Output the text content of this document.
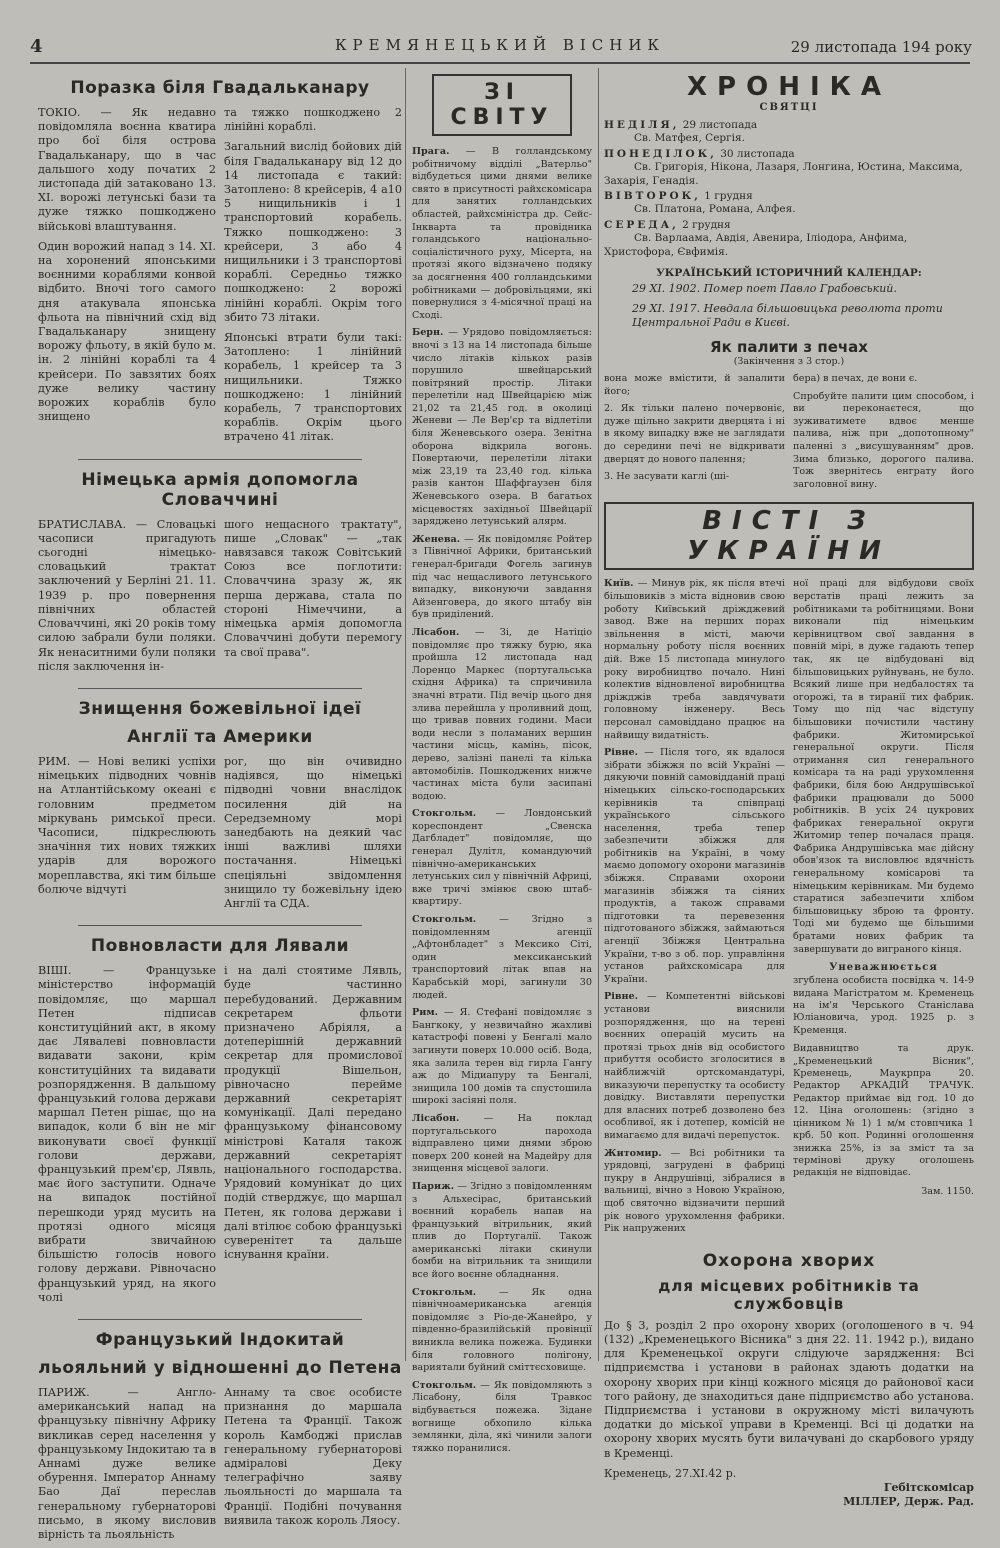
4	КРЕМЯНЕЦЬКИЙ ВІСНИК	29 листопада 194 року
Поразка біля Гвадальканару

ТОКІО. — Як недавно повідомляла воєнна кватира про бої біля острова Гвадальканару, що в час дальшого ходу початих 2 листопада дій затаковано 13. XI. ворожі летунські бази та дуже тяжко пошкоджено військові влаштування.

Один ворожий напад з 14. XI. на хоронений японськими воєнними кораблями конвой відбито. Вночі того самого дня атакувала японська фльота на північний схід від Гвадальканару знищену ворожу фльоту, в якій було м. ін. 2 лінійні кораблі та 4 крейсери. По завзятих боях дуже велику частину ворожих кораблів було знищено

та тяжко пошкоджено 2 лінійні кораблі.

Загальний вислід бойових дій біля Гвадальканару від 12 до 14 листопада є такий: Затоплено: 8 крейсерів, 4 а10 5 нищильників і 1 транспортовий корабель. Тяжко пошкоджено: 3 крейсери, 3 або 4 нищильники і 3 транспортові кораблі. Середньо тяжко пошкоджено: 2 ворожі лінійні кораблі. Окрім того збито 73 літаки.

Японські втрати були такі: Затоплено: 1 лінійний корабель, 1 крейсер та 3 нищильники. Тяжко пошкоджено: 1 лінійний корабель, 7 транспортових кораблів. Окрім цього втрачено 41 літак.

Німецька армія допомогла Словаччині

БРАТИСЛАВА. — Словацькі часописи пригадують сьогодні німецько-словацький трактат заключений у Берліні 21. 11. 1939 р. про повернення північних областей Словаччині, які 20 років тому силою забрали були поляки. Як ненаситними були поляки після заключення ін-

шого нещасного трактату", пише „Словак" — „так навязався також Совітський Союз все поглотити: Словаччина зразу ж, як перша держава, стала по стороні Німеччини, а німецька армія допомогла Словаччині добути перемогу та свої права".

Знищення божевільної ідеї
Англії та Америки

РИМ. — Нові великі успіхи німецьких підводних човнів на Атлантійському океані є головним предметом міркувань римської преси. Часописи, підкреслюють значіння тих нових тяжких ударів для ворожого мореплавства, які тим більше болюче відчуті

рог, що він очивидно надіявся, що німецькі підводні човни внаслідок посилення дій на Середземному морі занедбають на деякий час інші важливі шляхи постачання. Німецькі спеціяльні звідомлення знищило ту божевільну ідею Англії та СДА.

Повновласти для Лявали

ВІШІ. — Французьке міністерство інформацій повідомляє, що маршал Петен підписав конституційний акт, в якому дає Лявалеві повновласти видавати закони, крім конституційних та видавати розпорядження. В дальшому французький голова держави маршал Петен рішає, що на випадок, коли б він не міг виконувати своєї функції голови держави, французький прем'єр, Лявль, має його заступити. Одначе на випадок постійної перешкоди уряд мусить на протязі одного місяця вибрати звичайною більшістю голосів нового голову держави. Рівночасно французький уряд, на якого чолі

і на далі стоятиме Лявль, буде частинно перебудований. Державним секретарем фльоти призначено Абріяля, а дотеперішній державний секретар для промислової продукції Вішельон, рівночасно перейме державний секретаріят комунікації. Далі передано французькому фінансовому міністрові Каталя також державний секретаріят національного господарства. Урядовий комунікат до цих подій стверджує, що маршал Петен, як голова держави і далі втілює собою французькі суверенітет та дальше існування країни.

Французький Індокитай
льояльний у відношенні до Петена

ПАРИЖ. — Англо-американський напад на французьку північну Африку викликав серед населення у французькому Індокитаю та в Аннамі дуже велике обурення. Імператор Аннаму Бао Даї переслав генеральному губернаторові письмо, в якому висловив вірність та льояльність

Аннаму та своє особисте признання до маршала Петена та Франції. Також король Камбоджі прислав генеральному губернаторові адміралові Деку телеграфічно заяву льояльності до маршала та Франції. Подібні почування виявила також король Ляосу.

ЗІ СВІТУ

Прага. — В голландському робітничому відділі „Ватерльо" відбудеться цими днями велике свято в присутності райхскомісара для занятих голландських областей, райхсміністра др. Сейс-Інкварта та провідника голандського національно-соціалістичного руху, Місерта, на протязі якого відзначено подяку за досягнення 400 голландськими робітниками — добровільцями, які повернулися з 4-місячної праці на Сході.

Берн. — Урядово повідомляється: вночі з 13 на 14 листопада більше число літаків кількох разів порушило швейцарський повітряний простір. Літаки перелетіли над Швейцарією між 21,02 та 21,45 год. в околиці Женеви — Ле Вер'єр та відлетіли біля Женевського озера. Зенітна оборона відкрила вогонь. Повертаючи, перелетіли літаки між 23,19 та 23,40 год. кілька разів кантон Шаффгаузен біля Женевського озера. В багатьох місцевостях західньої Швейцарії зарядженo летунський алярм.

Женева. — Як повідомляє Ройтер з Північної Африки, британський генерал-бригади Фогель загинув під час нещасливого летунського випадку, виконуючи завдання Айзенговера, до якого штабу він був приділений.

Лісабон. — Зі, де Натіціо повідомляє про тяжку бурю, яка пройшла 12 листопада над Лоренцо Маркес (португальська східня Африка) та спричинила значні втрати. Під вечір цього дня злива перейшла у проливний дощ, що тривав повних години. Маси води несли з поламаних вершин частини місць, камінь, пісок, дерево, залізні панелі та кілька автомобілів. Пошкоджених нижче частинах міста були засипані водою.

Стокгольм. — Лондонський кореспондент „Свенска Дагбладет" повідомляє, що генерал Дулітл, командуючий північно-американських летунських сил у північній Африці, вже тричі змінює свою штаб-квартиру.

Стокгольм. — Згідно з повідомленням агенції „Афтонбладет" з Мексико Сіті, один мексиканський транспортовий літак впав на Карабській морі, загинули 30 людей.

Рим. — Я. Стефані повідомляє з Бангкоку, у незвичайно жахливі катастрофі повені у Бенгалі мало загинути поверх 10.000 осіб. Вода, яка залила терен від гирла Гангу аж до Мідиапуру та Бенгалі, знищила 100 домів та спустошила широкі засіяні поля.

Лісабон.	— На поклад португальського парохода відправлено цими днями зброю поверх 200 коней на Мадейру для знищення місцевої залоги.

Париж. — Згідно з повідомленням з Альхесірас, британський воєнний корабель напав на французький вітрильник, який плив до Португалії. Також американські літаки скинули бомби на вітрильник та знищили все його воєнне обладнання.

Стокгольм. — Як одна північноамериканська агенція повідомляє з Ріо-де-Жанейро, у південно-бразилійській провінції виникла велика пожежа. Будинки біля головного полігону, вариятали буйний сміттєсховище.

Стокгольм. — Як повідомляють з Лісабону, біля Травкос відбувається пожежа. Зідане вогнище обхопило кілька землянки, діла, які чинили залоги тяжко поранилися.

ХРОНІКА
СВЯТЦІ
НЕДІЛЯ, 29 листопада
Св. Матфея, Сергія.
ПОНЕДІЛОК, 30 листопада
Св. Григорія, Нікона, Лазаря, Лонгина, Юстина, Максима, Захарія, Генадія.
ВІВТОРОК, 1 грудня
Св. Платона, Романа, Алфея.
СЕРЕДА, 2 грудня
Св. Варлаама, Авдія, Авенира, Іліодора, Анфима, Христофора, Євфимія.
УКРАЇНСЬКИЙ ІСТОРИЧНИЙ КАЛЕНДАР:
29 XI. 1902. Помер поет Павло Грабовський.
29 XI. 1917. Невдала більшовицька революта проти Центральної Ради в Києві.
Як палити з печах
(Закінчення з 3 стор.)

вона може вмістити, й запалити його;

2. Як тільки палено почервоніє, дуже щільно закрити дверцята і ні в якому випадку вже не заглядати до середини печі не відкривати дверцят до нового палення;

3. Не засувати каглі (ші-

бера) в печах, де вони є.

Спробуйте палити цим способом, і ви переконаєтеся, що зуживатимете вдвоє менше палива, ніж при „допотопному" паленні з „висушуванням" дров. Зима близько, дорогого палива. Тож звернітесь енграту його заголовної вину.

ВІСТІ З УКРАЇНИ

Київ. — Минув рік, як після втечі більшовиків з міста відновив свою роботу Київський дріжджевий завод. Вже на перших порах звільнення в місті, маючи нормальну роботу після воєнних дій. Вже 15 листопада минулого року виробництво почало. Нині колектив відновленої виробництва дріжджів треба завдячувати головному інженеру. Весь персонал самовіддано працює на найвищу видатність.

Рівне. — Після того, як вдалося зібрати збіжжя по всій Україні — дякуючи повній самовідданій праці німецьких сільско-господарських керівників та співпраці українського сільського населення, треба тепер забезпечити збіжжя для робітників на Україні, в чому маємо допомогу охорони магазинів збіжжя. Справами охорони магазинів збіжжя та сіяних продуктів, а також справами підготовки та перевезення підготованого збіжжя, займаються агенції Збіжжя Центральна України, т-во з об. пор. управління установ райхскомісара для України.

Рівне. — Компетентні військові установи вияснили розпорядження, що на терені воєнних операцій мусить на протязі трьох днів від особистого прибуття особисто зголоситися в найближчій ортскомандатурі, виказуючи перепустку та особисту довідку. Виставляти перепустки для власних потреб дозволено без особливої, як і дотепер, комісій не вимагаємо для видачі перепусток.

Житомир. — Всі робітники та урядовці, загрудені в фабриці пукру в Андрушівці, зібралися в вальниці, вічно з Новою Україною, щоб святочно відзначити перший рік нового урухомлення фабрики. Рік напружених

ної праці для відбудови своїх верстатів праці лежить за робітниками та робітницями. Вони виконали під німецьким керівництвом свої завдання в повній мірі, в дуже гадають тепер так, як це відбудовані від більшовицьких руйнувань, не було. Всякий лише при недбалостях та огорожі, та в тиранії тих фабрик. Тому що під час відступу більшовики почистили частину фабрики. Житомирської генеральної округи. Після отримання сил генерального комісара та на раді урухомлення фабрики, біля бою Андрушівської фабрики працювали до 5000 робітників. В усіх 24 цукрових фабриках генеральної округи Житомир тепер почалася праця. Фабрика Андрушівська має дійсну обов'язок та висловлює вдячність генеральному комісарові та німецьким керівникам. Ми будемо старатися забезпечити хлібом більшовицьку зброю та фронту. Тоді ми будемо ще більшими братами нових фабрик та завершувати до виграного кінця.

Уневажнюється

згублена особиста посвідка ч. 14-9 видана Магістратом м. Кременець на ім'я Черського Станіслава Юліановича, урод. 1925 р. з Кременця.

Видавництво та друк. „Кременецький Вісник", Кременець, Маукрпра 20. Редактор АРКАДІЙ ТРАЧУК. Редактор приймає від год. 10 до 12. Ціна оголошень: (згідно з цінником № 1) 1 м/м стовпчика 1 крб. 50 коп. Родинні оголошення знижка 25%, із за зміст та за термінові друку оголошень редакція не відповідає.

Зам. 1150.

Охорона хворих
для місцевих робітників та службовців

До § 3, розділ 2 про охорону хворих (оголошеного в ч. 94 (132) „Кременецького Вісника" з дня 22. 11. 1942 р.), видано для Кременецької округи слідуюче зарядження: Всі підприємства і установи в районах здають додатки на охорону хворих при кінці кожного місяця до районової каси того району, де знаходиться дане підприємство або установа. Підприємства і установи в окружному місті вилачують додатки до міської управи в Кременці. Всі ці додатки на охорону хворих мусять бути вилачувані до скарбового уряду в Кременці.

Кременець, 27.XI.42 р.
Гебітскомісар
МІЛЛЕР, Держ. Рад.
